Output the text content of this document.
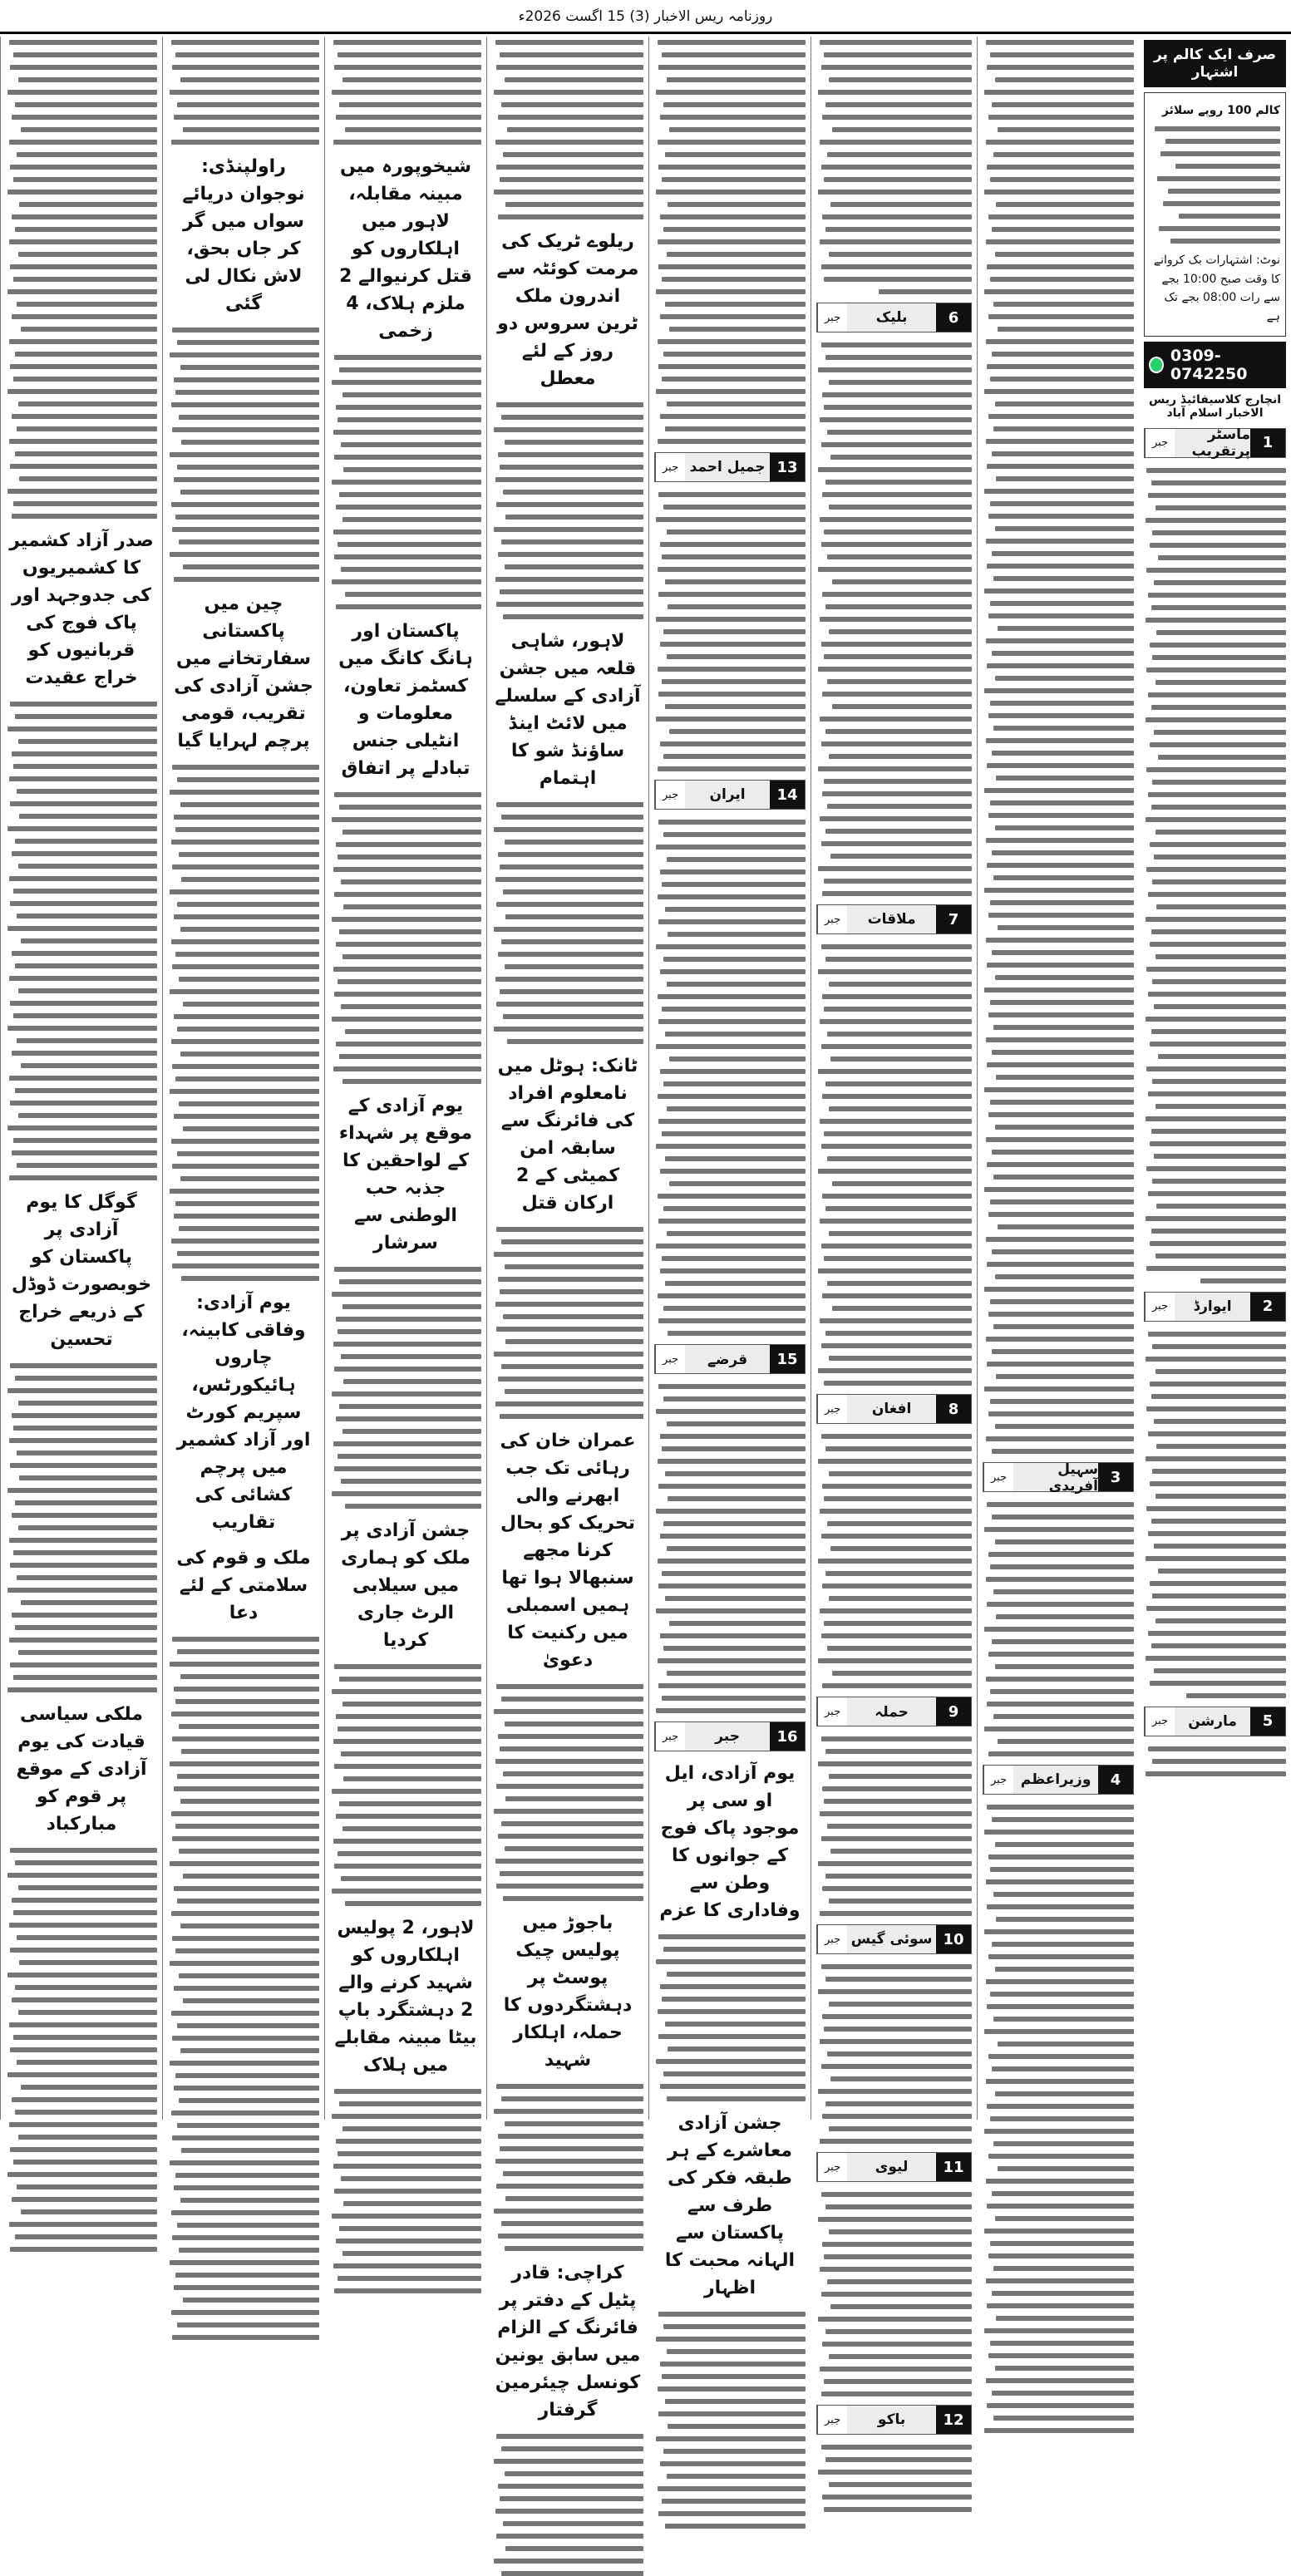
روزنامہ ریس الاخبار (3) 15 اگست 2026ء
صرف ایک کالم پر اشتہار
کالم 100 روپے سلائز
نوٹ: اشتہارات بک کروانے کا وقت صبح 10:00 بجے سے رات 08:00 بجے تک ہے
0309-0742250
انچارج کلاسیفائیڈ ریس الاخبار اسلام آباد
1
ماسٹر پرتقریب
جبر
2
ایوارڈ
جبر
5
مارشن
جبر
3
سہیل آفریدی
جبر
4
وزیراعظم
جبر
6
بلیک
جبر
7
ملاقات
جبر
8
افغان
جبر
9
حملہ
جبر
10
سوئی گیس
جبر
11
لیوی
جبر
12
باکو
جبر
13
جمیل احمد
جبر
14
ایران
جبر
15
قرضے
جبر
16
جبر
جبر
یوم آزادی، ایل او سی پر موجود پاک فوج کے جوانوں کا وطن سے وفاداری کا عزم
جشن آزادی معاشرے کے ہر طبقہ فکر کی طرف سے پاکستان سے الہانہ محبت کا اظہار
ریلوے ٹریک کی مرمت کوئٹہ سے اندرون ملک ٹرین سروس دو روز کے لئے معطل
لاہور، شاہی قلعہ میں جشن آزادی کے سلسلے میں لائٹ اینڈ ساؤنڈ شو کا اہتمام
ٹانک: ہوٹل میں نامعلوم افراد کی فائرنگ سے سابقہ امن کمیٹی کے 2 ارکان قتل
عمران خان کی رہائی تک جب ابھرنے والی تحریک کو بحال کرنا مجھے سنبھالا ہوا تھا ہمیں اسمبلی میں رکنیت کا دعویٰ
باجوڑ میں پولیس چیک پوسٹ پر دہشتگردوں کا حملہ، اہلکار شہید
کراچی: قادر پٹیل کے دفتر پر فائرنگ کے الزام میں سابق یونین کونسل چیئرمین گرفتار
شیخوپورہ میں مبینہ مقابلہ، لاہور میں اہلکاروں کو قتل کرنیوالے 2 ملزم ہلاک، 4 زخمی
پاکستان اور ہانگ کانگ میں کسٹمز تعاون، معلومات و انٹیلی جنس تبادلے پر اتفاق
یوم آزادی کے موقع پر شہداء کے لواحقین کا جذبہ حب الوطنی سے سرشار
جشن آزادی پر ملک کو ہماری میں سیلابی الرٹ جاری کردیا
لاہور، 2 پولیس اہلکاروں کو شہید کرنے والے 2 دہشتگرد باپ بیٹا مبینہ مقابلے میں ہلاک
راولپنڈی: نوجوان دریائے سواں میں گر کر جاں بحق، لاش نکال لی گئی
چین میں پاکستانی سفارتخانے میں جشن آزادی کی تقریب، قومی پرچم لہرایا گیا
یوم آزادی: وفاقی کابینہ، چاروں ہائیکورٹس، سپریم کورٹ اور آزاد کشمیر میں پرچم کشائی کی تقاریب
ملک و قوم کی سلامتی کے لئے دعا
صدر آزاد کشمیر کا کشمیریوں کی جدوجہد اور پاک فوج کی قربانیوں کو خراج عقیدت
گوگل کا یوم آزادی پر پاکستان کو خوبصورت ڈوڈل کے ذریعے خراج تحسین
ملکی سیاسی قیادت کی یوم آزادی کے موقع پر قوم کو مبارکباد
